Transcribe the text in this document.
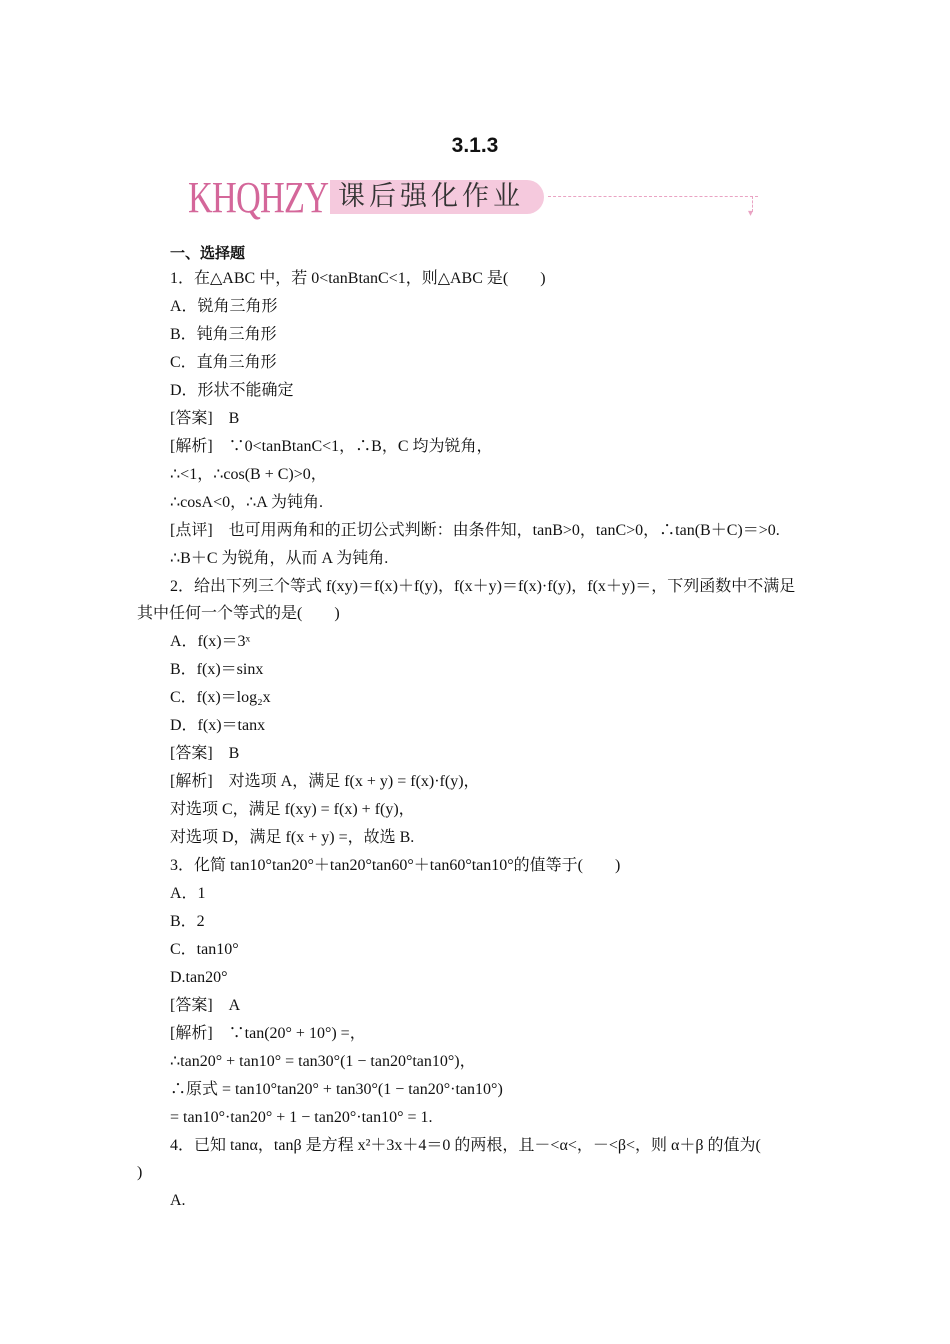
3.1.3
KHQHZY 课后强化作业
▾
一、选择题
1．在△ABC 中，若 0<tanBtanC<1，则△ABC 是(　　)
A．锐角三角形
B．钝角三角形
C．直角三角形
D．形状不能确定
[答案]　B
[解析]　∵0<tanBtanC<1，∴B，C 均为锐角，
∴<1，∴cos(B + C)>0，
∴cosA<0，∴A 为钝角.
[点评]　也可用两角和的正切公式判断：由条件知，tanB>0，tanC>0，∴tan(B＋C)＝>0.
∴B＋C 为锐角，从而 A 为钝角.
2．给出下列三个等式 f(xy)＝f(x)＋f(y)，f(x＋y)＝f(x)·f(y)，f(x＋y)＝，下列函数中不满足
其中任何一个等式的是(　　)
A．f(x)＝3ˣ
B．f(x)＝sinx
C．f(x)＝log₂x
D．f(x)＝tanx
[答案]　B
[解析]　对选项 A，满足 f(x + y) = f(x)·f(y)，
对选项 C，满足 f(xy) = f(x) + f(y)，
对选项 D，满足 f(x + y) =，故选 B.
3．化简 tan10°tan20°＋tan20°tan60°＋tan60°tan10°的值等于(　　)
A．1
B．2
C．tan10°
D.tan20°
[答案]　A
[解析]　∵tan(20° + 10°) =，
∴tan20° + tan10° = tan30°(1 − tan20°tan10°)，
∴原式 = tan10°tan20° + tan30°(1 − tan20°·tan10°)
= tan10°·tan20° + 1 − tan20°·tan10° = 1.
4．已知 tanα，tanβ 是方程 x²＋3x＋4＝0 的两根，且－<α<，－<β<，则 α＋β 的值为(
)
A.
